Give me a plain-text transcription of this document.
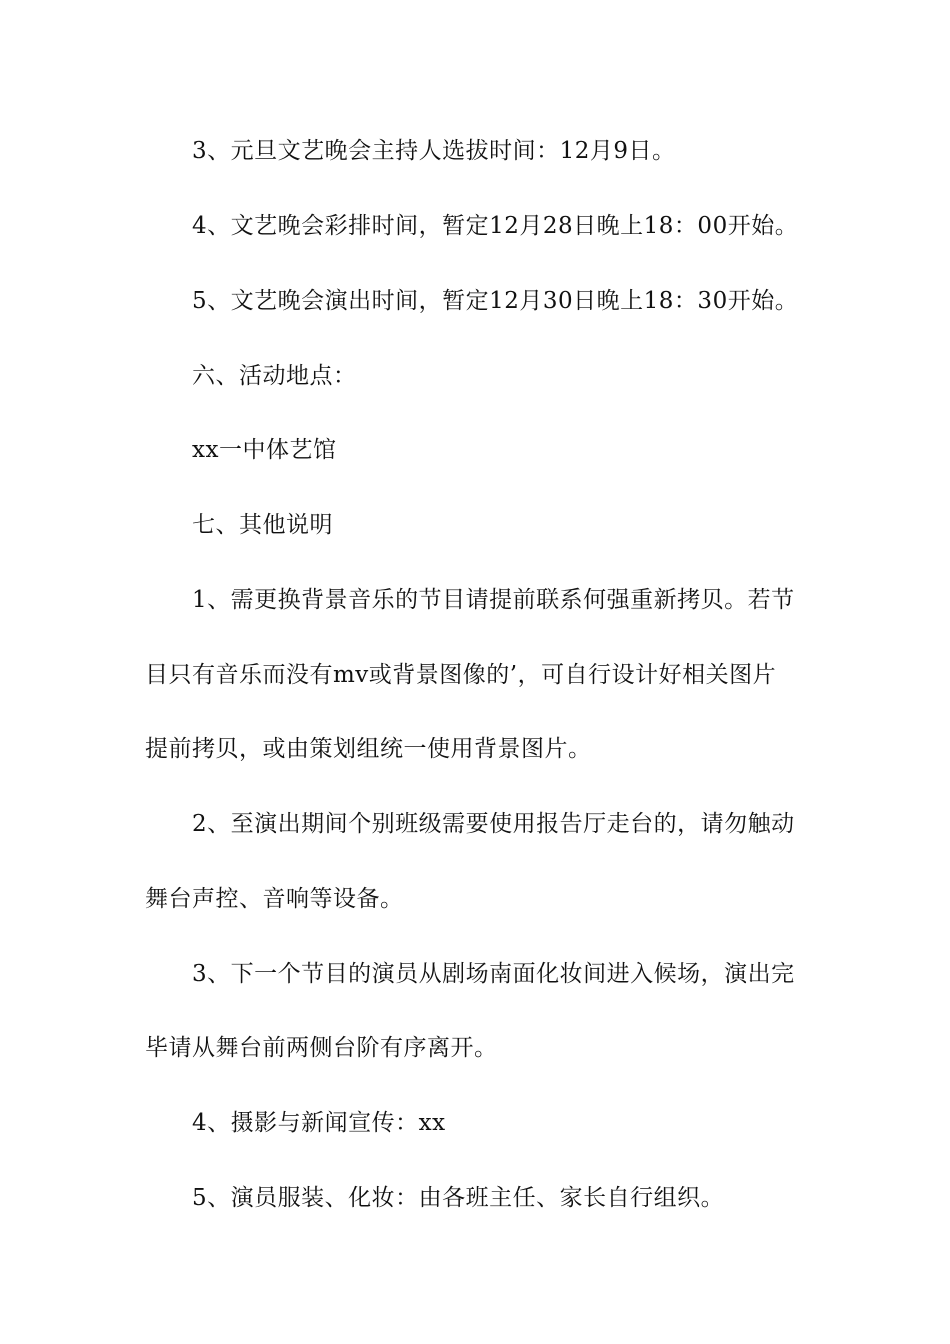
3、元旦文艺晚会主持人选拔时间：12月9日。
4、文艺晚会彩排时间，暂定12月28日晚上18：00开始。
5、文艺晚会演出时间，暂定12月30日晚上18：30开始。
六、活动地点：
xx一中体艺馆
七、其他说明
1、需更换背景音乐的节目请提前联系何强重新拷贝。若节
目只有音乐而没有mv或背景图像的’，可自行设计好相关图片
提前拷贝，或由策划组统一使用背景图片。
2、至演出期间个别班级需要使用报告厅走台的，请勿触动
舞台声控、音响等设备。
3、下一个节目的演员从剧场南面化妆间进入候场，演出完
毕请从舞台前两侧台阶有序离开。
4、摄影与新闻宣传：xx
5、演员服装、化妆：由各班主任、家长自行组织。
